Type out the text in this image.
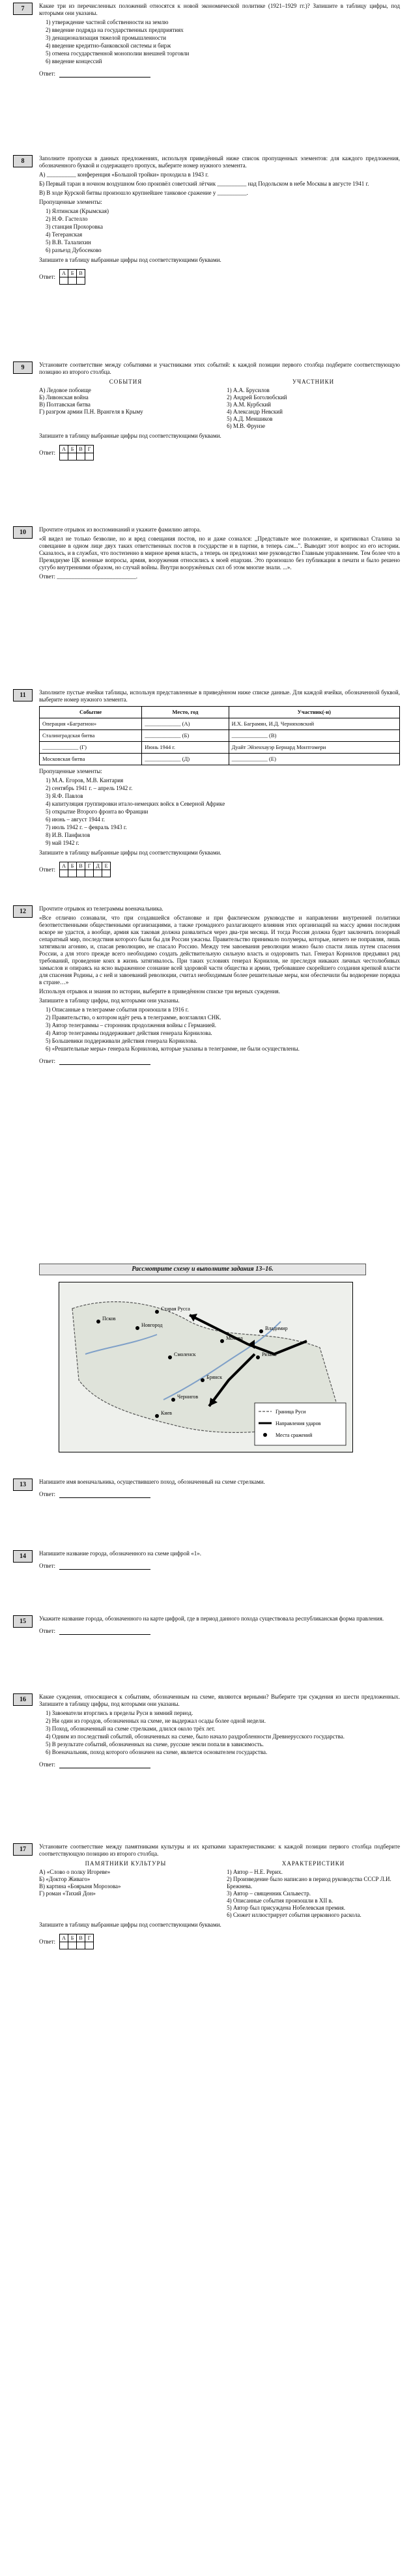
7	Какие три из перечисленных положений относятся к новой экономической политике (1921–1929 гг.)? Запишите в таблицу цифры, под которыми они указаны.

1) утверждение частной собственности на землю
2) введение подряда на государственных предприятиях
3) денационализация тяжелой промышленности
4) введение кредитно-банковской системы и бирж
5) отмена государственной монополии внешней торговли
6) введение концессий
Ответ:
8	Заполните пропуски в данных предложениях, используя приведённый ниже список пропущенных элементов: для каждого предложения, обозначенного буквой и содержащего пропуск, выберите номер нужного элемента.

А) __________ конференция «Большой тройки» проходила в 1943 г.

Б) Первый таран в ночном воздушном бою произвёл советский лётчик __________ над Подольском в небе Москвы в августе 1941 г.

В) В ходе Курской битвы произошло крупнейшее танковое сражение у __________.

Пропущенные элементы:

1) Ялтинская (Крымская)
2) Н.Ф. Гастелло
3) станция Прохоровка
4) Тегеранская
5) В.В. Талалихин
6) разъезд Дубосеково

Запишите в таблицу выбранные цифры под соответствующими буквами.

Ответ: А	Б	В

9	Установите соответствие между событиями и участниками этих событий: к каждой позиции первого столбца подберите соответствующую позицию из второго столбца.

СОБЫТИЯ
А) Ледовое побоище
Б) Ливонская война
В) Полтавская битва
Г) разгром армии П.Н. Врангеля в Крыму
УЧАСТНИКИ
1) А.А. Брусилов
2) Андрей Боголюбский
3) А.М. Курбский
4) Александр Невский
5) А.Д. Меншиков
6) М.В. Фрунзе

Запишите в таблицу выбранные цифры под соответствующими буквами.

Ответ: А	Б	В	Г

10	Прочтите отрывок из воспоминаний и укажите фамилию автора.

«Я видел не только безволие, но и вред совещания постов, но и даже сознался: ,,Представьте мое положение, и критиковал Сталина за совещание в одном лице двух таких ответственных постов в государстве и в партии, в теперь сам...". Выводит этот вопрос из его истории. Сказалось, и в службах, что постепенно в мирное время власть, а теперь он предложил мне руководство Главным управлением. Тем более что в Президиуме ЦК военные вопросы, армия, вооружения относились к моей епархии. Это произошло без публикации в печати и было решено сугубо внутренними образом, но случай войны. Внутри вооружённых сил об этом многие знали. ...».

Ответ: ___________________________.

11	Заполните пустые ячейки таблицы, используя представленные в приведённом ниже списке данные. Для каждой ячейки, обозначенной буквой, выберите номер нужного элемента.

Событие	Место, год	Участник(-и)
Операция «Багратион»	_____________ (А)	И.Х. Баграмян, И.Д. Черняховский
Сталинградская битва	_____________ (Б)	_____________ (В)
_____________ (Г)	Июнь 1944 г.	Дуайт Эйзенхауэр Бернард Монтгомери
Московская битва	_____________ (Д)	_____________ (Е)

Пропущенные элементы:

1) М.А. Егоров, М.В. Кантария
2) сентябрь 1941 г. – апрель 1942 г.
3) Я.Ф. Павлов
4) капитуляция группировки итало-немецких войск в Северной Африке
5) открытие Второго фронта во Франции
6) июнь – август 1944 г.
7) июль 1942 г. – февраль 1943 г.
8) И.В. Панфилов
9) май 1942 г.

Запишите в таблицу выбранные цифры под соответствующими буквами.

Ответ: А	Б	В	Г	Д	Е

12	Прочтите отрывок из телеграммы военачальника.

«Все отлично сознавали, что при создавшейся обстановке и при фактическом руководстве и направлении внутренней политики безответственными общественными организациями, а также громадного разлагающего влияния этих организаций на массу армии последняя вскоре не удастся, а вообще, армия как таковая должна развалиться через два-три месяца. И тогда Россия должна будет заключить позорный сепаратный мир, последствия которого были бы для России ужасны. Правительство принимало полумеры, которые, ничего не поправляя, лишь затягивали агонию, и, спасая революцию, не спасало Россию. Между тем завоевания революции можно было спасти лишь путем спасения России, а для этого прежде всего необходимо создать действительную сильную власть и оздоровить тыл. Генерал Корнилов предъявил ряд требований, проведение коих в жизнь затягивалось. При таких условиях генерал Корнилов, не преследуя никаких личных честолюбивых замыслов и опираясь на ясно выраженное сознание всей здоровой части общества и армии, требовавшее скорейшего создания крепкой власти для спасения Родины, а с ней и завоеваний революции, считал необходимым более решительные меры, кои обеспечили бы водворение порядка в стране…»

Используя отрывок и знания по истории, выберите в приведённом списке три верных суждения.

Запишите в таблицу цифры, под которыми они указаны.

1) Описанные в телеграмме события произошли в 1916 г.
2) Правительство, о котором идёт речь в телеграмме, возглавлял СНК.
3) Автор телеграммы – сторонник продолжения войны с Германией.
4) Автор телеграммы поддерживает действия генерала Корнилова.
5) Большевики поддерживали действия генерала Корнилова.
6) «Решительные меры» генерала Корнилова, которые указаны в телеграмме, не были осуществлены.
Ответ:
Рассмотрите схему и выполните задания 13–16.
Новгород
Псков
Москва
Смоленск
Брянск
Киев
Чернигов
Рязань
Владимир
Старая Русса
Граница Руси
Направления ударов
Места сражений
13	Напишите имя военачальника, осуществившего поход, обозначенный на схеме стрелками.

Ответ:
14	Напишите название города, обозначенного на схеме цифрой «1».

Ответ:
15	Укажите название города, обозначенного на карте цифрой, где в период данного похода существовала республиканская форма правления.

Ответ:
16	Какие суждения, относящиеся к событиям, обозначенным на схеме, являются верными? Выберите три суждения из шести предложенных. Запишите в таблицу цифры, под которыми они указаны.

1) Завоеватели вторглись в пределы Руси в зимний период.
2) Ни один из городов, обозначенных на схеме, не выдержал осады более одной недели.
3) Поход, обозначенный на схеме стрелками, длился около трёх лет.
4) Одним из последствий событий, обозначенных на схеме, было начало раздробленности Древнерусского государства.
5) В результате событий, обозначенных на схеме, русские земли попали в зависимость.
6) Военачальник, поход которого обозначен на схеме, является основателем государства.
Ответ:
17	Установите соответствие между памятниками культуры и их краткими характеристиками: к каждой позиции первого столбца подберите соответствующую позицию из второго столбца.

ПАМЯТНИКИ КУЛЬТУРЫ
А) «Слово о полку Игореве»
Б) «Доктор Живаго»
В) картина «Боярыня Морозова»
Г) роман «Тихий Дон»
ХАРАКТЕРИСТИКИ
1) Автор – Н.Е. Рерих.
2) Произведение было написано в период руководства СССР Л.И. Брежнева.
3) Автор – священник Сильвестр.
4) Описанные события произошли в XII в.
5) Автор был присуждена Нобелевская премия.
6) Сюжет иллюстрирует события церковного раскола.

Запишите в таблицу выбранные цифры под соответствующими буквами.

Ответ: А	Б	В	Г
